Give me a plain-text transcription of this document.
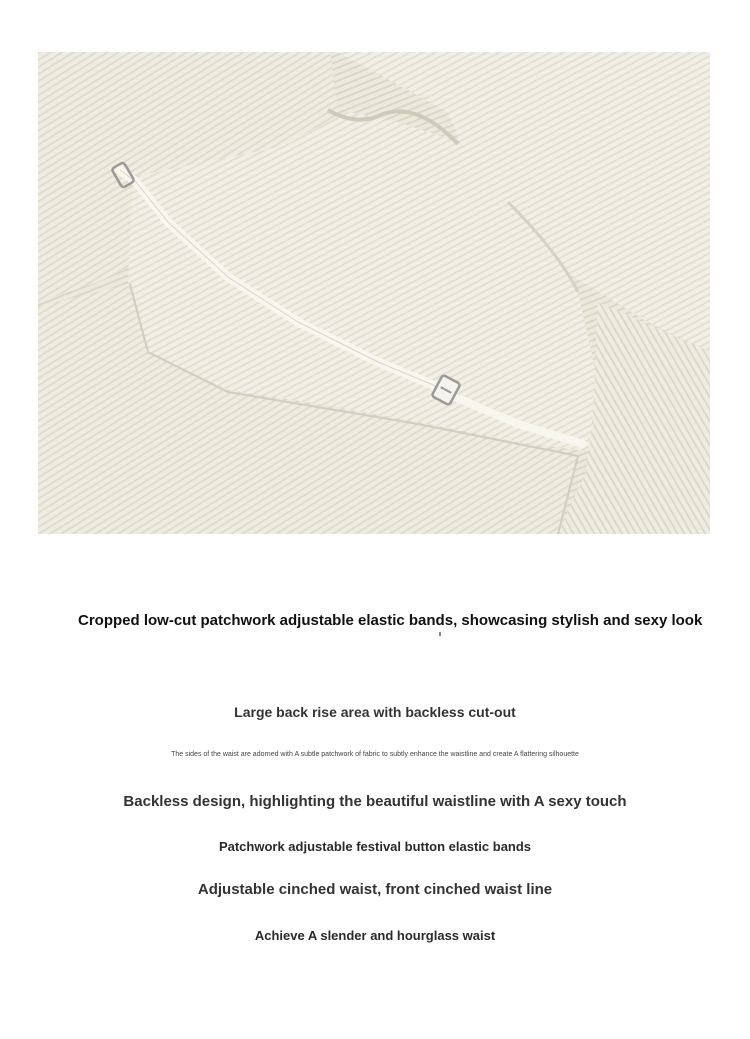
Cropped low-cut patchwork adjustable elastic bands, showcasing stylish and sexy look

Large back rise area with backless cut-out

The sides of the waist are adorned with A subtle patchwork of fabric to subtly enhance the waistline and create A flattering silhouette

Backless design, highlighting the beautiful waistline with A sexy touch

Patchwork adjustable festival button elastic bands

Adjustable cinched waist, front cinched waist line

Achieve A slender and hourglass waist
